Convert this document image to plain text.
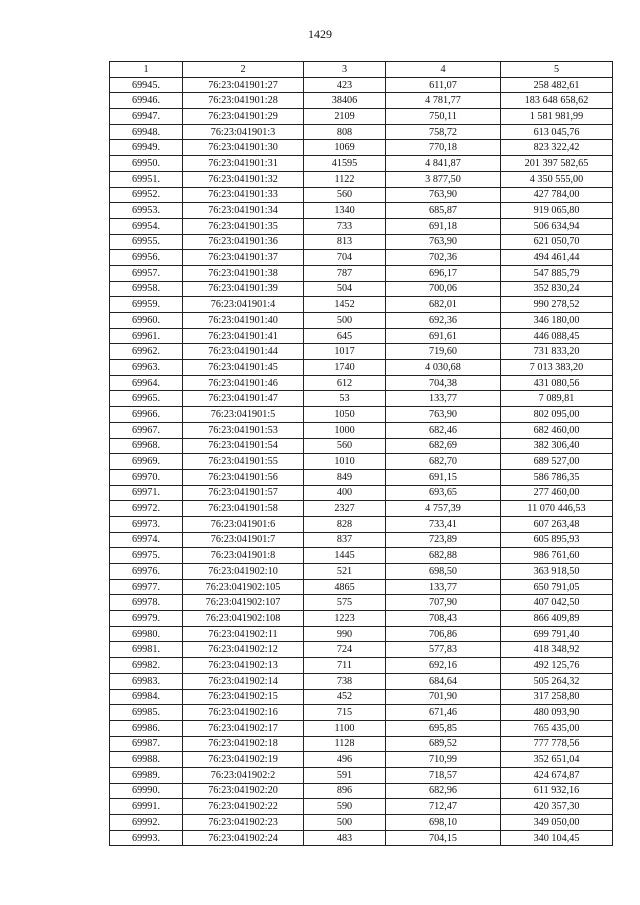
1429
1	2	3	4	5
69945.	76:23:041901:27	423	611,07	258 482,61
69946.	76:23:041901:28	38406	4 781,77	183 648 658,62
69947.	76:23:041901:29	2109	750,11	1 581 981,99
69948.	76:23:041901:3	808	758,72	613 045,76
69949.	76:23:041901:30	1069	770,18	823 322,42
69950.	76:23:041901:31	41595	4 841,87	201 397 582,65
69951.	76:23:041901:32	1122	3 877,50	4 350 555,00
69952.	76:23:041901:33	560	763,90	427 784,00
69953.	76:23:041901:34	1340	685,87	919 065,80
69954.	76:23:041901:35	733	691,18	506 634,94
69955.	76:23:041901:36	813	763,90	621 050,70
69956.	76:23:041901:37	704	702,36	494 461,44
69957.	76:23:041901:38	787	696,17	547 885,79
69958.	76:23:041901:39	504	700,06	352 830,24
69959.	76:23:041901:4	1452	682,01	990 278,52
69960.	76:23:041901:40	500	692,36	346 180,00
69961.	76:23:041901:41	645	691,61	446 088,45
69962.	76:23:041901:44	1017	719,60	731 833,20
69963.	76:23:041901:45	1740	4 030,68	7 013 383,20
69964.	76:23:041901:46	612	704,38	431 080,56
69965.	76:23:041901:47	53	133,77	7 089,81
69966.	76:23:041901:5	1050	763,90	802 095,00
69967.	76:23:041901:53	1000	682,46	682 460,00
69968.	76:23:041901:54	560	682,69	382 306,40
69969.	76:23:041901:55	1010	682,70	689 527,00
69970.	76:23:041901:56	849	691,15	586 786,35
69971.	76:23:041901:57	400	693,65	277 460,00
69972.	76:23:041901:58	2327	4 757,39	11 070 446,53
69973.	76:23:041901:6	828	733,41	607 263,48
69974.	76:23:041901:7	837	723,89	605 895,93
69975.	76:23:041901:8	1445	682,88	986 761,60
69976.	76:23:041902:10	521	698,50	363 918,50
69977.	76:23:041902:105	4865	133,77	650 791,05
69978.	76:23:041902:107	575	707,90	407 042,50
69979.	76:23:041902:108	1223	708,43	866 409,89
69980.	76:23:041902:11	990	706,86	699 791,40
69981.	76:23:041902:12	724	577,83	418 348,92
69982.	76:23:041902:13	711	692,16	492 125,76
69983.	76:23:041902:14	738	684,64	505 264,32
69984.	76:23:041902:15	452	701,90	317 258,80
69985.	76:23:041902:16	715	671,46	480 093,90
69986.	76:23:041902:17	1100	695,85	765 435,00
69987.	76:23:041902:18	1128	689,52	777 778,56
69988.	76:23:041902:19	496	710,99	352 651,04
69989.	76:23:041902:2	591	718,57	424 674,87
69990.	76:23:041902:20	896	682,96	611 932,16
69991.	76:23:041902:22	590	712,47	420 357,30
69992.	76:23:041902:23	500	698,10	349 050,00
69993.	76:23:041902:24	483	704,15	340 104,45
